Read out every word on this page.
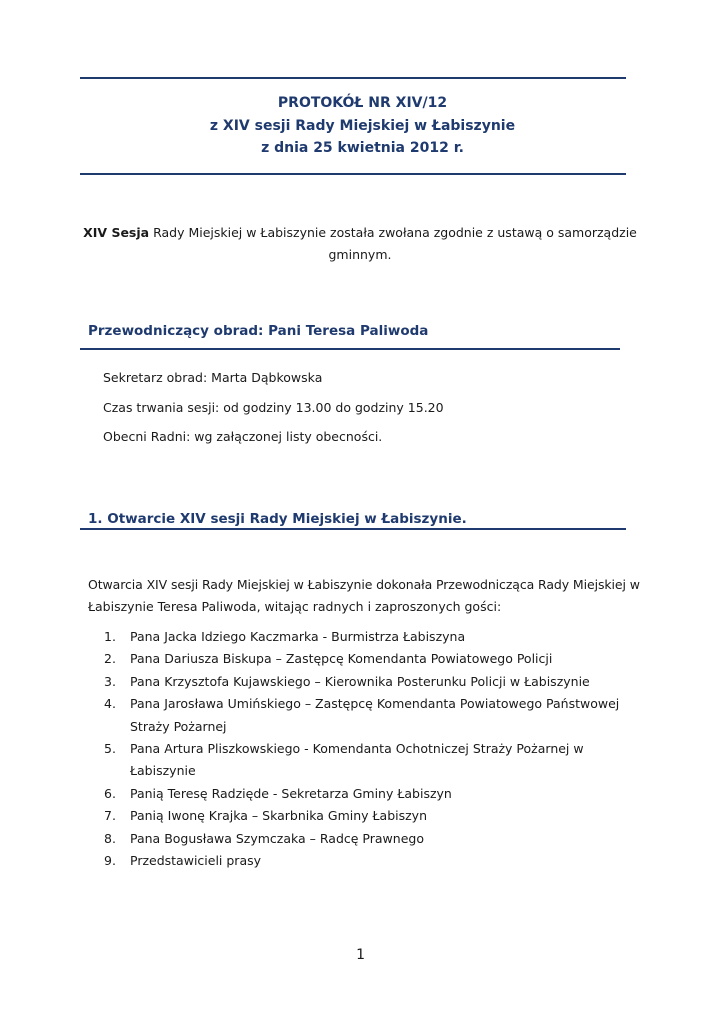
PROTOKÓŁ NR XIV/12
z XIV sesji Rady Miejskiej w Łabiszynie
z dnia 25 kwietnia 2012 r.
XIV Sesja Rady Miejskiej w Łabiszynie została zwołana zgodnie z ustawą o samorządzie
gminnym.
Przewodniczący obrad: Pani Teresa Paliwoda
Sekretarz obrad: Marta Dąbkowska
Czas trwania sesji: od godziny 13.00 do godziny 15.20
Obecni Radni: wg załączonej listy obecności.
1. Otwarcie XIV sesji Rady Miejskiej w Łabiszynie.
Otwarcia XIV sesji Rady Miejskiej w Łabiszynie dokonała Przewodnicząca Rady Miejskiej w
Łabiszynie Teresa Paliwoda, witając radnych i zaproszonych gości:
1.	Pana Jacka Idziego Kaczmarka - Burmistrza Łabiszyna
2.	Pana Dariusza Biskupa – Zastępcę Komendanta Powiatowego Policji
3.	Pana Krzysztofa Kujawskiego – Kierownika Posterunku Policji w Łabiszynie
4.	Pana Jarosława Umińskiego – Zastępcę Komendanta Powiatowego Państwowej Straży Pożarnej
5.	Pana Artura Pliszkowskiego - Komendanta Ochotniczej Straży Pożarnej w Łabiszynie
6.	Panią Teresę Radzięde - Sekretarza Gminy Łabiszyn
7.	Panią Iwonę Krajka – Skarbnika Gminy Łabiszyn
8.	Pana Bogusława Szymczaka – Radcę Prawnego
9.	Przedstawicieli prasy
1
